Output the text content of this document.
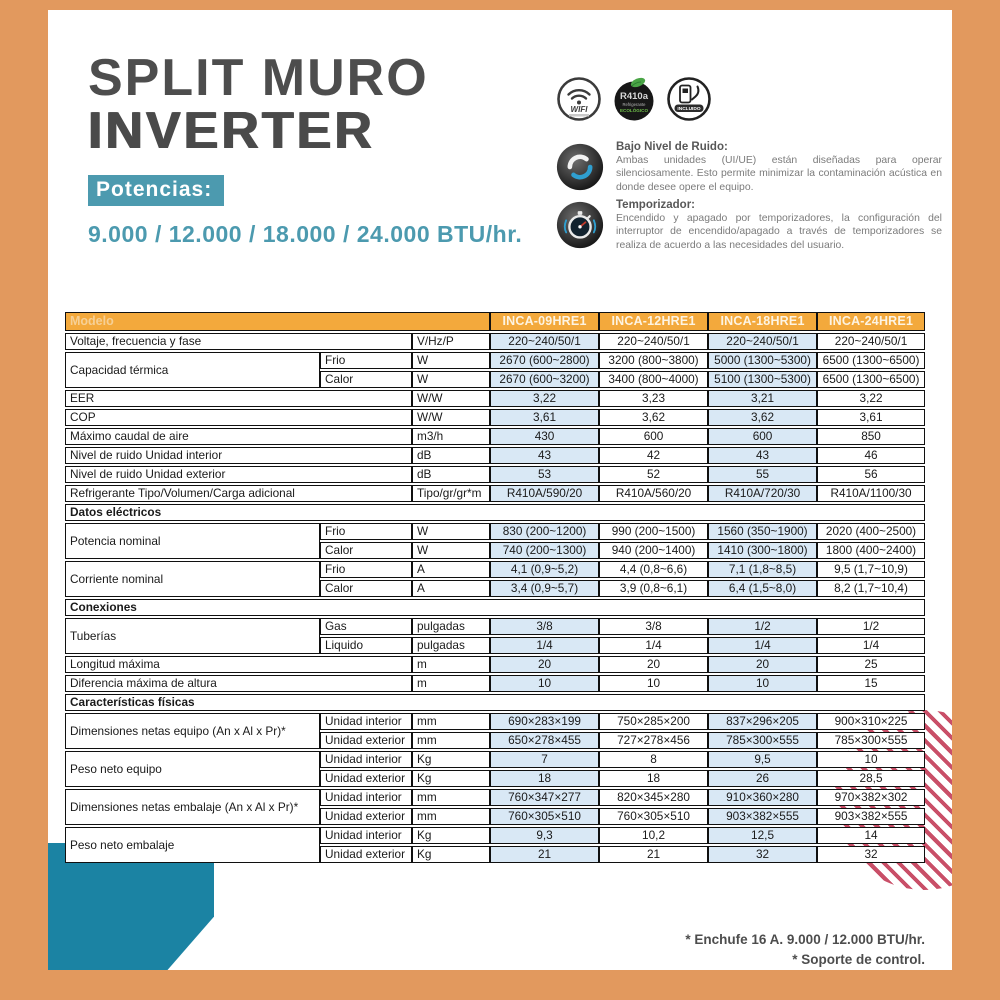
SPLIT MURO
INVERTER
Potencias:
9.000 / 12.000 / 18.000 / 24.000 BTU/hr.
WIFI
R410a
Refrigerante
ECOLÓGICO	INCLUIDO
Bajo Nivel de Ruido:
Ambas unidades (UI/UE) están diseñadas para operar silenciosamente. Esto permite minimizar la contaminación acústica en donde desee opere el equipo.
Temporizador:
Encendido y apagado por temporizadores, la configuración del interruptor de encendido/apagado a través de temporizadores se realiza de acuerdo a las necesidades del usuario.
Modelo			INCA-09HRE1	INCA-12HRE1	INCA-18HRE1	INCA-24HRE1
Voltaje, frecuencia y fase		V/Hz/P	220~240/50/1	220~240/50/1	220~240/50/1	220~240/50/1
Capacidad térmica	Frio	W	2670 (600~2800)	3200 (800~3800)	5000 (1300~5300)	6500 (1300~6500)
	Calor	W	2670 (600~3200)	3400 (800~4000)	5100 (1300~5300)	6500 (1300~6500)
EER		W/W	3,22	3,23	3,21	3,22
COP		W/W	3,61	3,62	3,62	3,61
Máximo caudal de aire		m3/h	430	600	600	850
Nivel de ruido Unidad interior		dB	43	42	43	46
Nivel de ruido Unidad exterior		dB	53	52	55	56
Refrigerante Tipo/Volumen/Carga adicional		Tipo/gr/gr*m	R410A/590/20	R410A/560/20	R410A/720/30	R410A/1100/30
Datos eléctricos						
Potencia nominal	Frio	W	830 (200~1200)	990 (200~1500)	1560 (350~1900)	2020 (400~2500)
	Calor	W	740 (200~1300)	940 (200~1400)	1410 (300~1800)	1800 (400~2400)
Corriente nominal	Frio	A	4,1 (0,9~5,2)	4,4 (0,8~6,6)	7,1 (1,8~8,5)	9,5 (1,7~10,9)
	Calor	A	3,4 (0,9~5,7)	3,9 (0,8~6,1)	6,4 (1,5~8,0)	8,2 (1,7~10,4)
Conexiones						
Tuberías	Gas	pulgadas	3/8	3/8	1/2	1/2
	Liquido	pulgadas	1/4	1/4	1/4	1/4
Longitud máxima		m	20	20	20	25
Diferencia máxima de altura		m	10	10	10	15
Características físicas						
Dimensiones netas equipo (An x Al x Pr)*	Unidad interior	mm	690×283×199	750×285×200	837×296×205	900×310×225
	Unidad exterior	mm	650×278×455	727×278×456	785×300×555	785×300×555
Peso neto equipo	Unidad interior	Kg	7	8	9,5	10
	Unidad exterior	Kg	18	18	26	28,5
Dimensiones netas embalaje (An x Al x Pr)*	Unidad interior	mm	760×347×277	820×345×280	910×360×280	970×382×302
	Unidad exterior	mm	760×305×510	760×305×510	903×382×555	903×382×555
Peso neto embalaje	Unidad interior	Kg	9,3	10,2	12,5	14
	Unidad exterior	Kg	21	21	32	32
* Enchufe 16 A. 9.000 / 12.000 BTU/hr.
* Soporte de control.
